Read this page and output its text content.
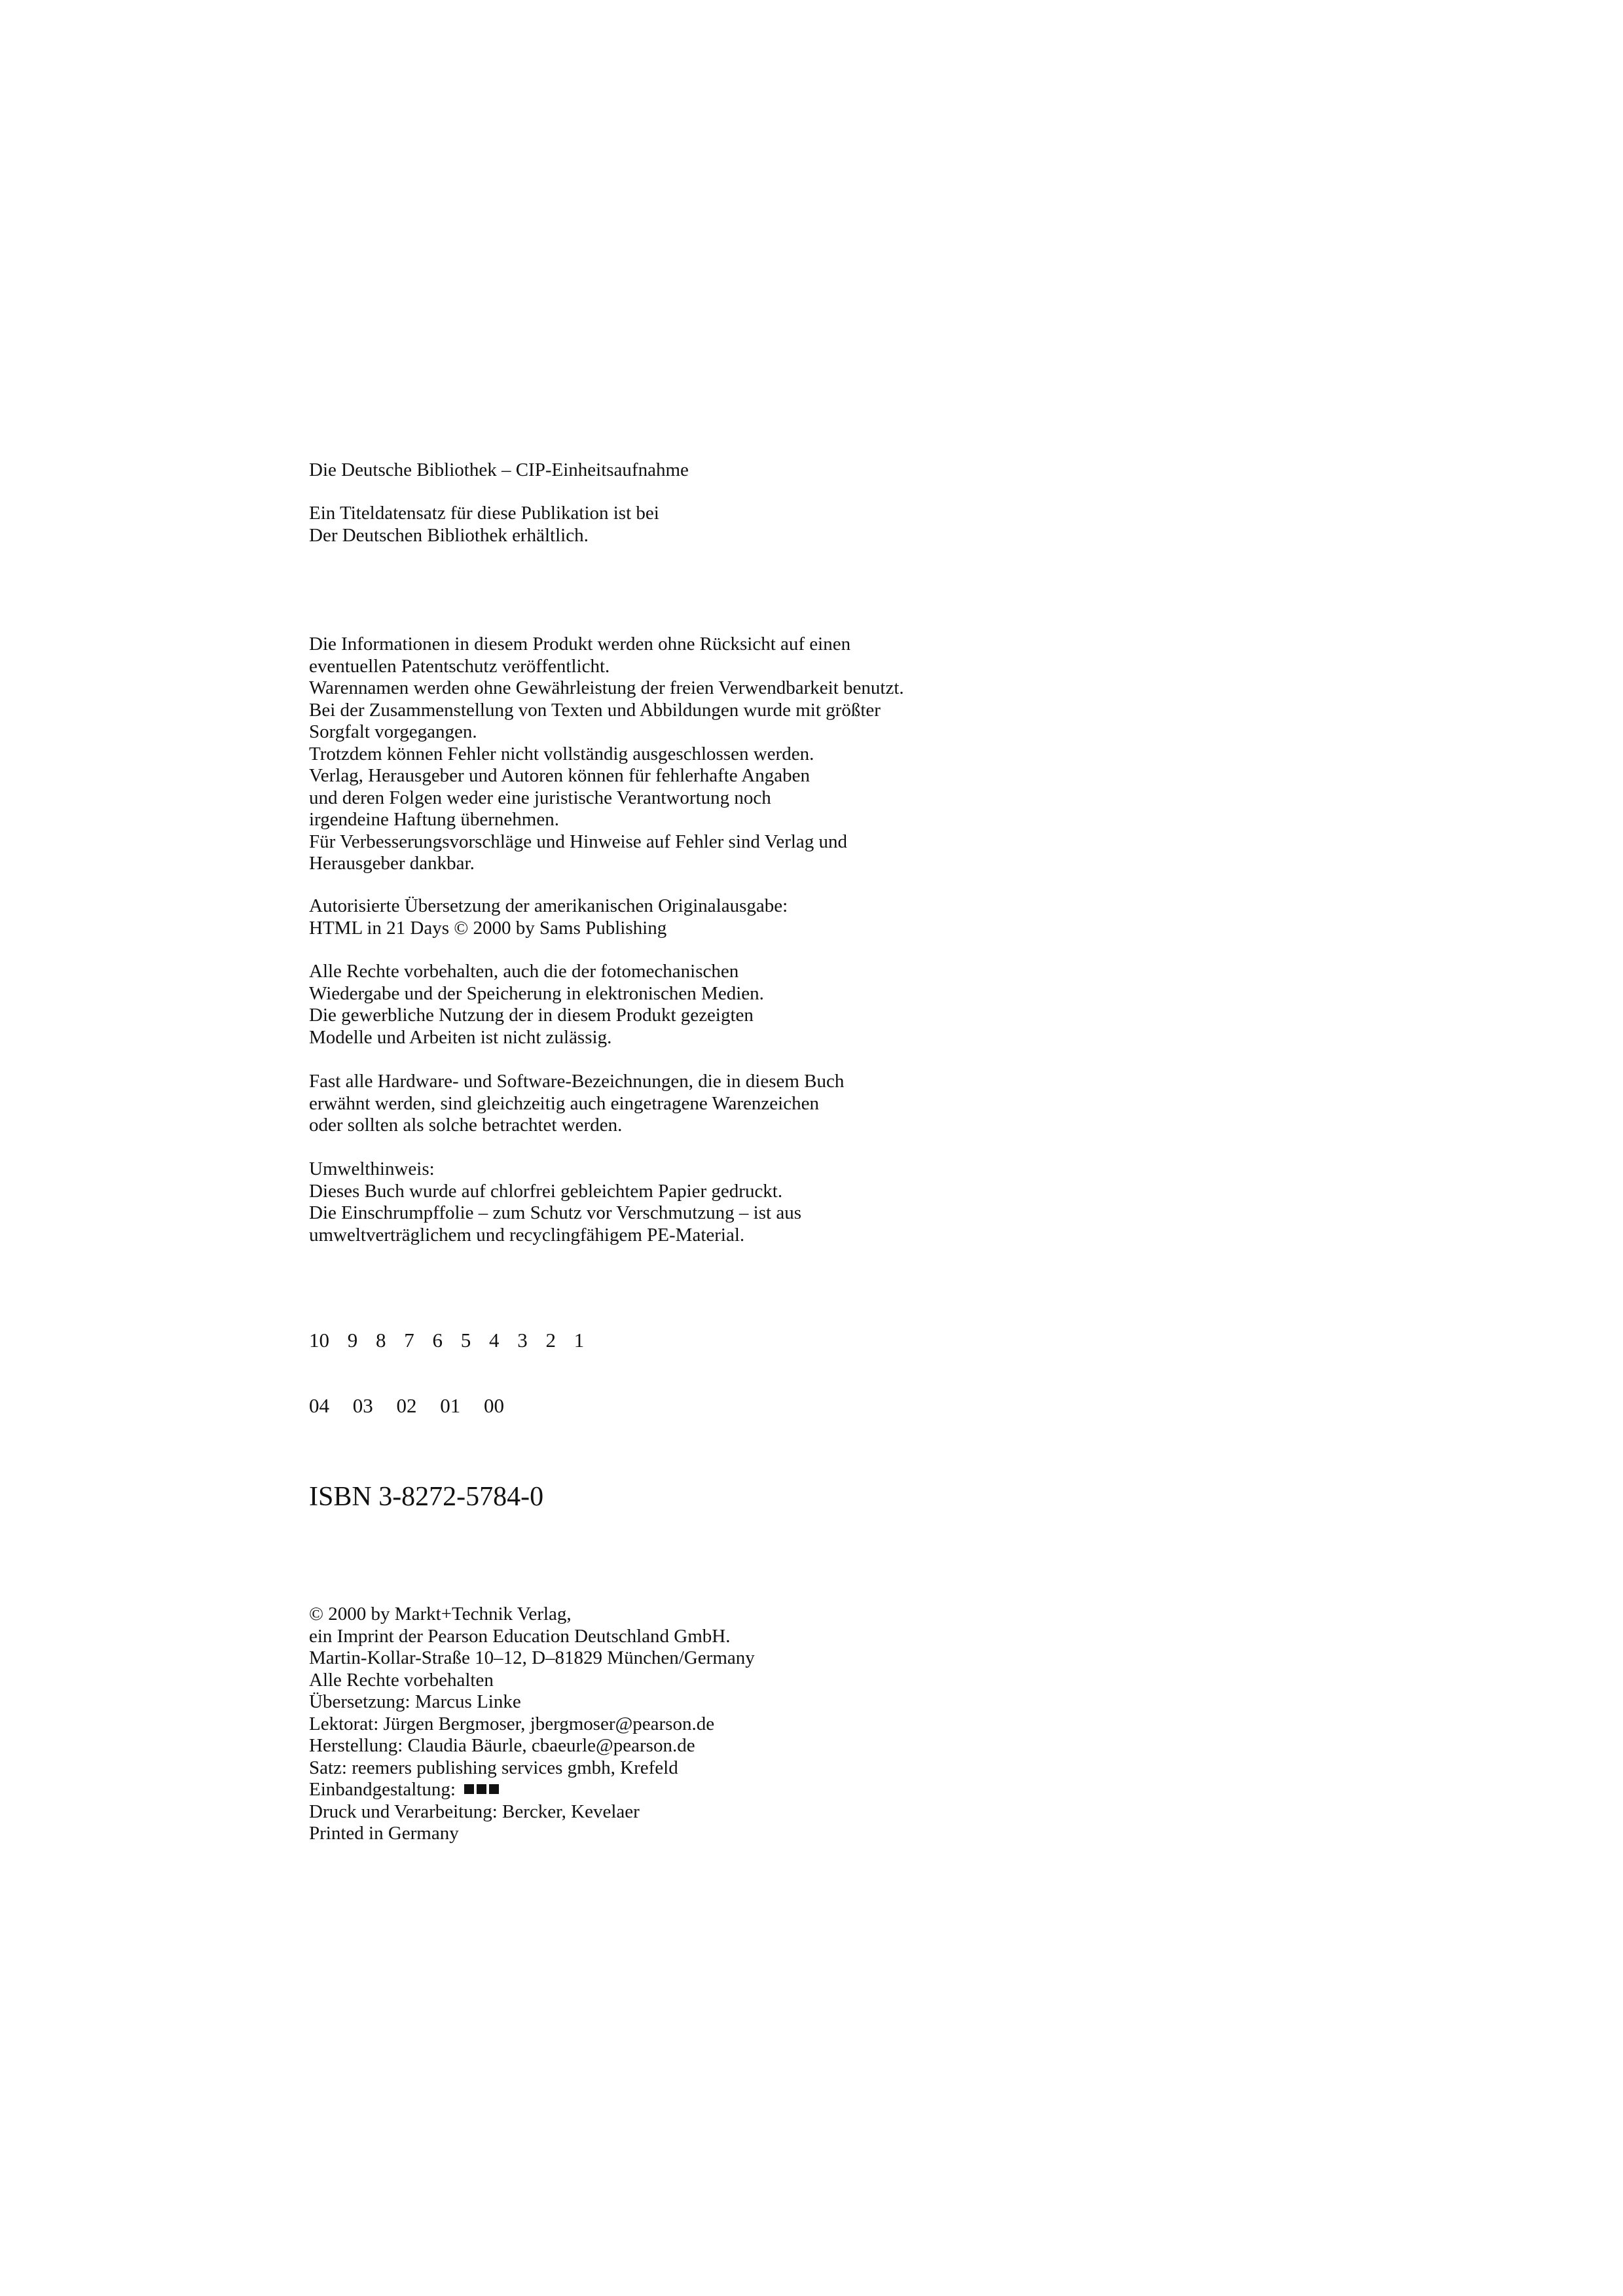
Die Deutsche Bibliothek – CIP-Einheitsaufnahme
Ein Titeldatensatz für diese Publikation ist bei
Der Deutschen Bibliothek erhältlich.
Die Informationen in diesem Produkt werden ohne Rücksicht auf einen
eventuellen Patentschutz veröffentlicht.
Warennamen werden ohne Gewährleistung der freien Verwendbarkeit benutzt.
Bei der Zusammenstellung von Texten und Abbildungen wurde mit größter
Sorgfalt vorgegangen.
Trotzdem können Fehler nicht vollständig ausgeschlossen werden.
Verlag, Herausgeber und Autoren können für fehlerhafte Angaben
und deren Folgen weder eine juristische Verantwortung noch
irgendeine Haftung übernehmen.
Für Verbesserungsvorschläge und Hinweise auf Fehler sind Verlag und
Herausgeber dankbar.
Autorisierte Übersetzung der amerikanischen Originalausgabe:
HTML in 21 Days © 2000 by Sams Publishing
Alle Rechte vorbehalten, auch die der fotomechanischen
Wiedergabe und der Speicherung in elektronischen Medien.
Die gewerbliche Nutzung der in diesem Produkt gezeigten
Modelle und Arbeiten ist nicht zulässig.
Fast alle Hardware- und Software-Bezeichnungen, die in diesem Buch
erwähnt werden, sind gleichzeitig auch eingetragene Warenzeichen
oder sollten als solche betrachtet werden.
Umwelthinweis:
Dieses Buch wurde auf chlorfrei gebleichtem Papier gedruckt.
Die Einschrumpffolie – zum Schutz vor Verschmutzung – ist aus
umweltverträglichem und recyclingfähigem PE-Material.
10 9 8 7 6 5 4 3 2 1
04 03 02 01 00
ISBN 3-8272-5784-0
© 2000 by Markt+Technik Verlag,
ein Imprint der Pearson Education Deutschland GmbH.
Martin-Kollar-Straße 10–12, D–81829 München/Germany
Alle Rechte vorbehalten
Übersetzung: Marcus Linke
Lektorat: Jürgen Bergmoser, jbergmoser@pearson.de
Herstellung: Claudia Bäurle, cbaeurle@pearson.de
Satz: reemers publishing services gmbh, Krefeld
Einbandgestaltung:
Druck und Verarbeitung: Bercker, Kevelaer
Printed in Germany
